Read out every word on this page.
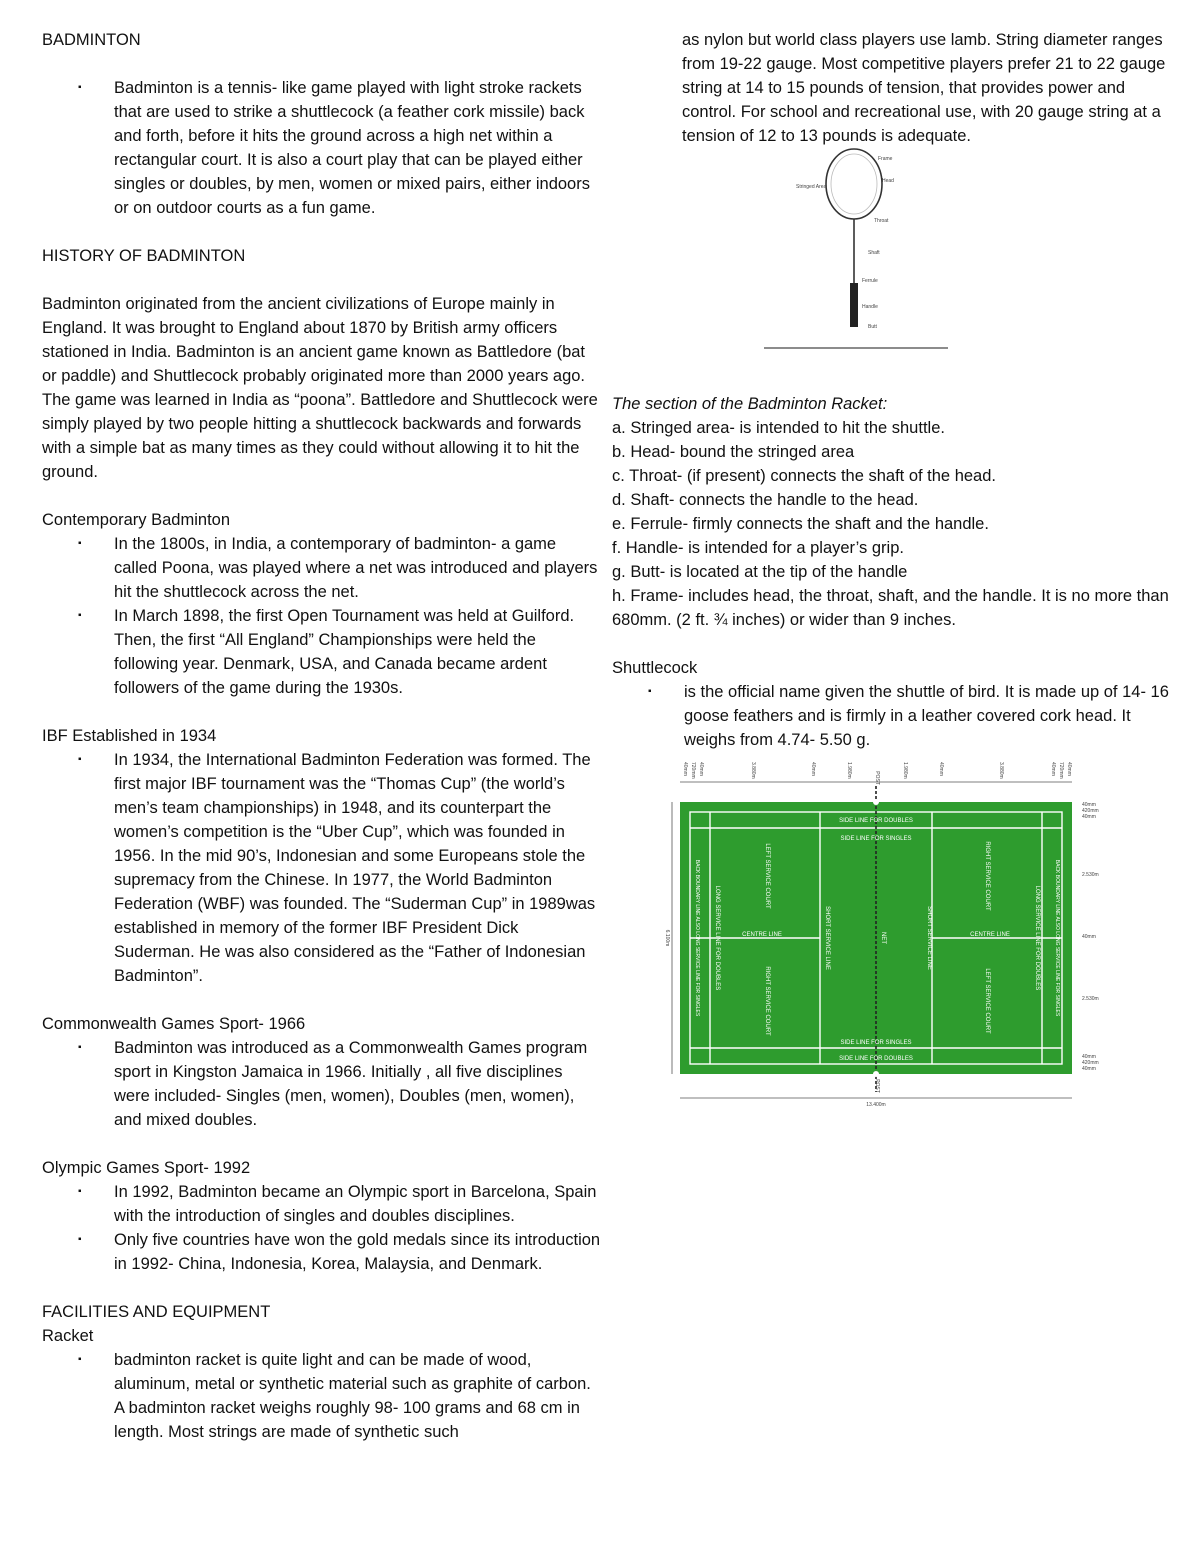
BADMINTON

▪ Badminton is a tennis- like game played with light stroke rackets that are used to strike a shuttlecock (a feather cork missile) back and forth, before it hits the ground across a high net within a rectangular court. It is also a court play that can be played either singles or doubles, by men, women or mixed pairs, either indoors or on outdoor courts as a fun game.

HISTORY OF BADMINTON

Badminton originated from the ancient civilizations of Europe mainly in England. It was brought to England about 1870 by British army officers stationed in India. Badminton is an ancient game known as Battledore (bat or paddle) and Shuttlecock probably originated more than 2000 years ago. The game was learned in India as “poona”. Battledore and Shuttlecock were simply played by two people hitting a shuttlecock backwards and forwards with a simple bat as many times as they could without allowing it to hit the ground.

Contemporary Badminton

▪ In the 1800s, in India, a contemporary of badminton- a game called Poona, was played where a net was introduced and players hit the shuttlecock across the net.
▪ In March 1898, the first Open Tournament was held at Guilford. Then, the first “All England” Championships were held the following year. Denmark, USA, and Canada became ardent followers of the game during the 1930s.

IBF Established in 1934

▪ In 1934, the International Badminton Federation was formed. The first major IBF tournament was the “Thomas Cup” (the world’s men’s team championships) in 1948, and its counterpart the women’s competition is the “Uber Cup”, which was founded in 1956. In the mid 90’s, Indonesian and some Europeans stole the supremacy from the Chinese. In 1977, the World Badminton Federation (WBF) was founded. The “Suderman Cup” in 1989was established in memory of the former IBF President Dick Suderman. He was also considered as the “Father of Indonesian Badminton”.

Commonwealth Games Sport- 1966

▪ Badminton was introduced as a Commonwealth Games program sport in Kingston Jamaica in 1966. Initially , all five disciplines were included- Singles (men, women), Doubles (men, women), and mixed doubles.

Olympic Games Sport- 1992

▪ In 1992, Badminton became an Olympic sport in Barcelona, Spain with the introduction of singles and doubles disciplines.
▪ Only five countries have won the gold medals since its introduction in 1992- China, Indonesia, Korea, Malaysia, and Denmark.

FACILITIES AND EQUIPMENT

Racket

▪ badminton racket is quite light and can be made of wood, aluminum, metal or synthetic material such as graphite of carbon. A badminton racket weighs roughly 98- 100 grams and 68 cm in length. Most strings are made of synthetic such

as nylon but world class players use lamb. String diameter ranges from 19-22 gauge. Most competitive players prefer 21 to 22 gauge string at 14 to 15 pounds of tension, that provides power and control. For school and recreational use, with 20 gauge string at a tension of 12 to 13 pounds is adequate.

Frame
Head
Stringed Area
Throat
Shaft
Ferrule
Handle
Butt

The section of the Badminton Racket:

a. Stringed area- is intended to hit the shuttle.

b. Head- bound the stringed area

c. Throat- (if present) connects the shaft of the head.

d. Shaft- connects the handle to the head.

e. Ferrule- firmly connects the shaft and the handle.

f. Handle- is intended for a player’s grip.

g. Butt- is located at the tip of the handle

h. Frame- includes head, the throat, shaft, and the handle. It is no more than 680mm. (2 ft. ¾ inches) or wider than 9 inches.

Shuttlecock

▪ is the official name given the shuttle of bird. It is made up of 14- 16 goose feathers and is firmly in a leather covered cork head. It weighs from 4.74- 5.50 g.
40mm 720mm 40mm	3.880m	40mm	1.980m	1.980m	40mm	3.880m	40mm 720mm 40mm
SIDE LINE FOR DOUBLES
SIDE LINE FOR SINGLES
SIDE LINE FOR SINGLES
SIDE LINE FOR DOUBLES
CENTRE LINE	CENTRE LINE
LEFT SERVICE COURT
RIGHT SERVICE COURT
RIGHT SERVICE COURT
LEFT SERVICE COURT
SHORT SERVICE LINE	SHORT SERVICE LINE
NET
LONG SERVICE LINE FOR DOUBLES	LONG SERVICE LINE FOR DOUBLES
BACK BOUNDARY LINE ALSO LONG SERVICE LINE FOR SINGLES	BACK BOUNDARY LINE ALSO LONG SERVICE LINE FOR SINGLES
POST
POST
6.100m
13.400m
40mm
420mm
40mm
2.530m
40mm
2.530m
40mm
420mm
40mm
